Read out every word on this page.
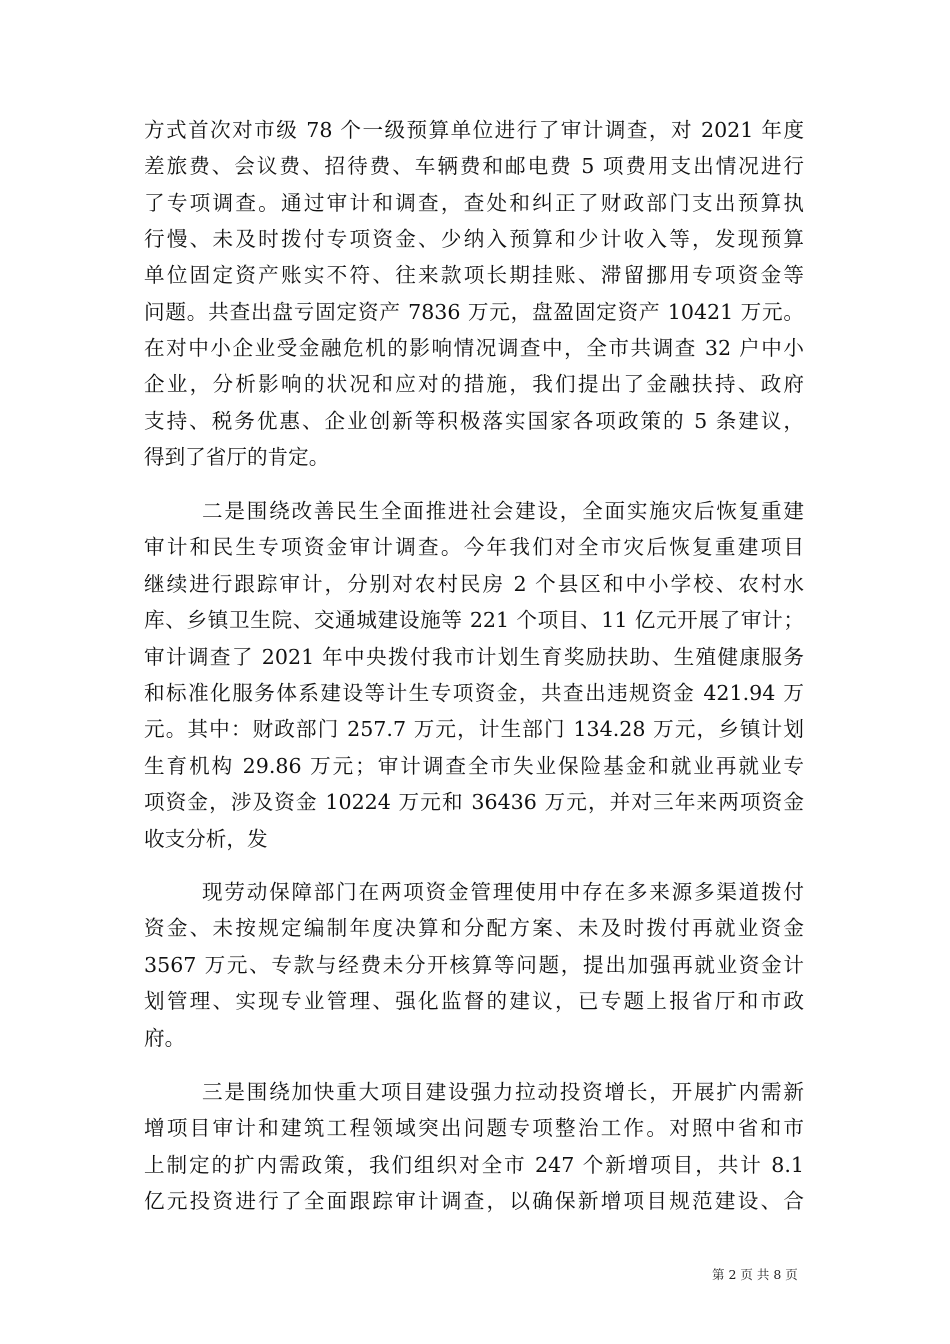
方式首次对市级 78 个一级预算单位进行了审计调查，对 2021 年度
差旅费、会议费、招待费、车辆费和邮电费 5 项费用支出情况进行
了专项调查。通过审计和调查，查处和纠正了财政部门支出预算执
行慢、未及时拨付专项资金、少纳入预算和少计收入等，发现预算
单位固定资产账实不符、往来款项长期挂账、滞留挪用专项资金等
问题。共查出盘亏固定资产 7836 万元，盘盈固定资产 10421 万元。
在对中小企业受金融危机的影响情况调查中，全市共调查 32 户中小
企业，分析影响的状况和应对的措施，我们提出了金融扶持、政府
支持、税务优惠、企业创新等积极落实国家各项政策的 5 条建议，
得到了省厅的肯定。
二是围绕改善民生全面推进社会建设，全面实施灾后恢复重建
审计和民生专项资金审计调查。今年我们对全市灾后恢复重建项目
继续进行跟踪审计，分别对农村民房 2 个县区和中小学校、农村水
库、乡镇卫生院、交通城建设施等 221 个项目、11 亿元开展了审计；
审计调查了 2021 年中央拨付我市计划生育奖励扶助、生殖健康服务
和标准化服务体系建设等计生专项资金，共查出违规资金 421.94 万
元。其中：财政部门 257.7 万元，计生部门 134.28 万元，乡镇计划
生育机构 29.86 万元；审计调查全市失业保险基金和就业再就业专
项资金，涉及资金 10224 万元和 36436 万元，并对三年来两项资金
收支分析，发
现劳动保障部门在两项资金管理使用中存在多来源多渠道拨付
资金、未按规定编制年度决算和分配方案、未及时拨付再就业资金
3567 万元、专款与经费未分开核算等问题，提出加强再就业资金计
划管理、实现专业管理、强化监督的建议，已专题上报省厅和市政
府。
三是围绕加快重大项目建设强力拉动投资增长，开展扩内需新
增项目审计和建筑工程领域突出问题专项整治工作。对照中省和市
上制定的扩内需政策，我们组织对全市 247 个新增项目，共计 8.1
亿元投资进行了全面跟踪审计调查，以确保新增项目规范建设、合
第 2 页 共 8 页
